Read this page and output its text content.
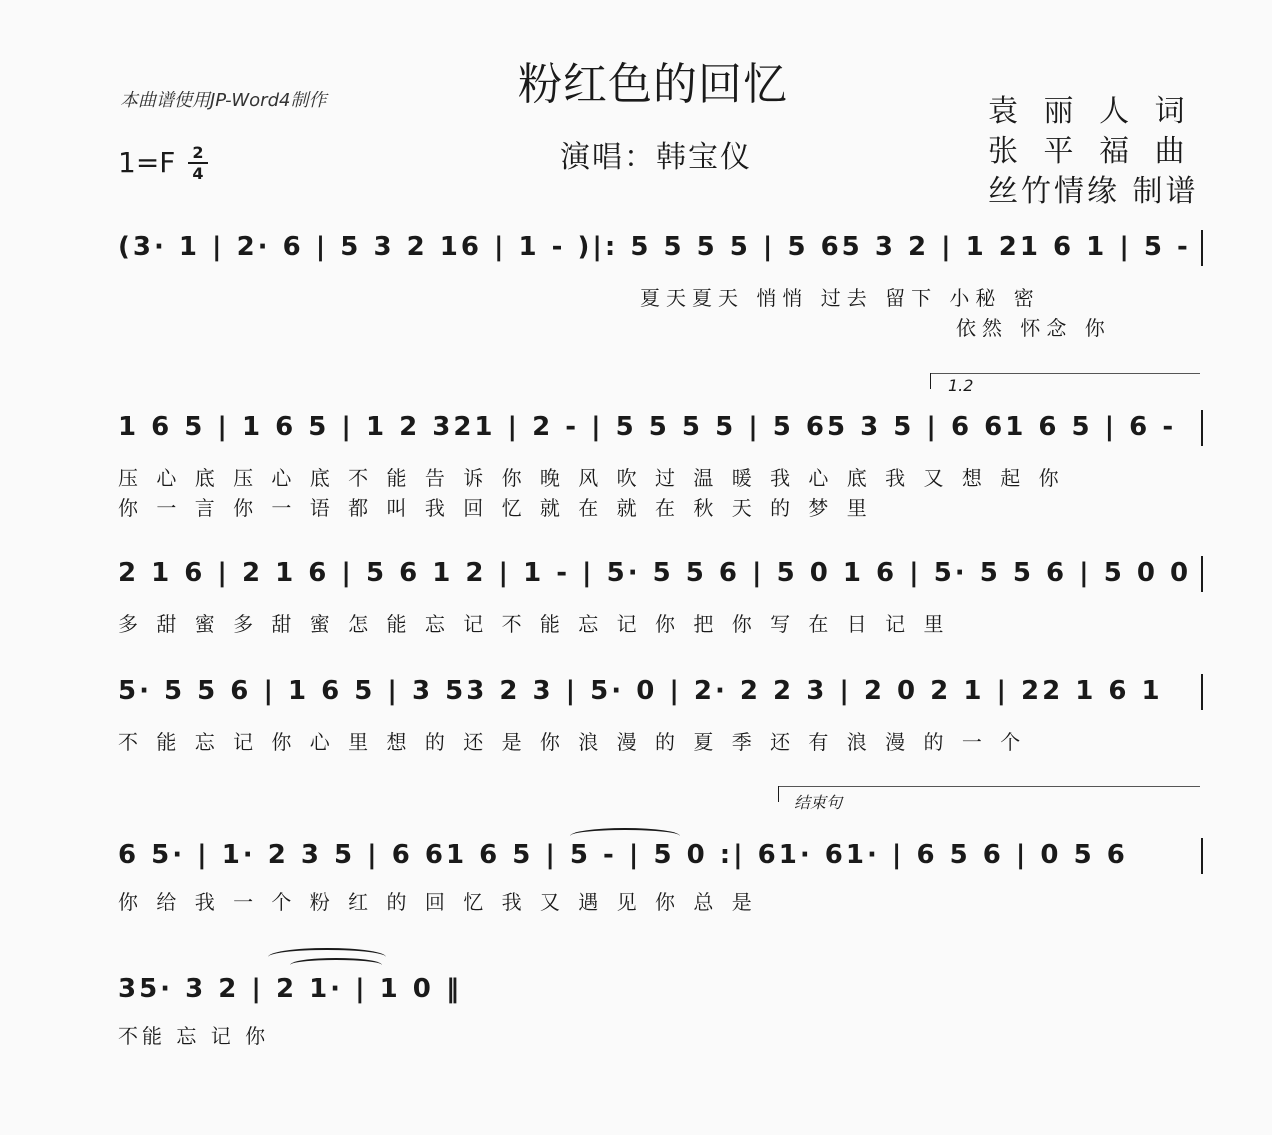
粉红色的回忆
本曲谱使用JP-Word4制作
1=F 2
4	演唱：韩宝仪
袁 丽 人 词
张 平 福 曲
丝竹情缘 制谱
(3· 1 | 2· 6 | 5 3 2 16 | 1 - )|: 5 5 5 5 | 5 65 3 2 | 1 21 6 1 | 5 -
夏天夏天 悄悄 过去 留下 小秘 密
依然 怀念 你
1.2
1 6 5 | 1 6 5 | 1 2 321 | 2 - | 5 5 5 5 | 5 65 3 5 | 6 61 6 5 | 6 -
压 心 底 压 心 底 不 能 告 诉 你 晚 风 吹 过 温 暖 我 心 底 我 又 想 起 你
你 一 言 你 一 语 都 叫 我 回 忆 就 在 就 在 秋 天 的 梦 里
2 1 6 | 2 1 6 | 5 6 1 2 | 1 - | 5· 5 5 6 | 5 0 1 6 | 5· 5 5 6 | 5 0 0
多 甜 蜜 多 甜 蜜 怎 能 忘 记 不 能 忘 记 你 把 你 写 在 日 记 里
5· 5 5 6 | 1 6 5 | 3 53 2 3 | 5· 0 | 2· 2 2 3 | 2 0 2 1 | 22 1 6 1
不 能 忘 记 你 心 里 想 的 还 是 你 浪 漫 的 夏 季 还 有 浪 漫 的 一 个
结束句
6 5· | 1· 2 3 5 | 6 61 6 5 | 5 - | 5 0 :| 61· 61· | 6 5 6 | 0 5 6
你 给 我 一 个 粉 红 的 回 忆 我 又 遇 见 你 总 是
35· 3 2 | 2 1· | 1 0 ‖
不能 忘 记 你
